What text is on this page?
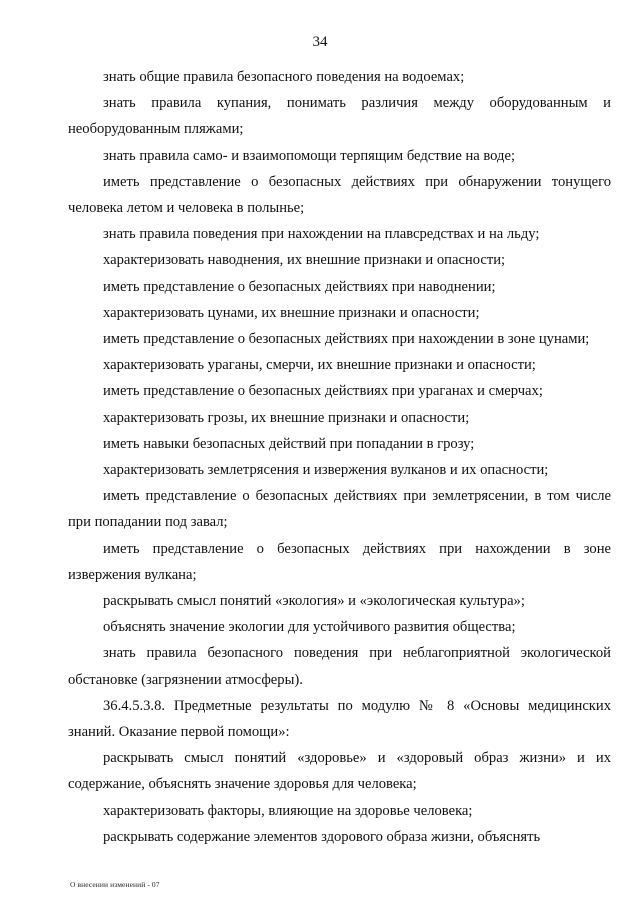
34

знать общие правила безопасного поведения на водоемах;

знать правила купания, понимать различия между оборудованным и необорудованным пляжами;

знать правила само- и взаимопомощи терпящим бедствие на воде;

иметь представление о безопасных действиях при обнаружении тонущего человека летом и человека в полынье;

знать правила поведения при нахождении на плавсредствах и на льду;

характеризовать наводнения, их внешние признаки и опасности;

иметь представление о безопасных действиях при наводнении;

характеризовать цунами, их внешние признаки и опасности;

иметь представление о безопасных действиях при нахождении в зоне цунами;

характеризовать ураганы, смерчи, их внешние признаки и опасности;

иметь представление о безопасных действиях при ураганах и смерчах;

характеризовать грозы, их внешние признаки и опасности;

иметь навыки безопасных действий при попадании в грозу;

характеризовать землетрясения и извержения вулканов и их опасности;

иметь представление о безопасных действиях при землетрясении, в том числе при попадании под завал;

иметь представление о безопасных действиях при нахождении в зоне извержения вулкана;

раскрывать смысл понятий «экология» и «экологическая культура»;

объяснять значение экологии для устойчивого развития общества;

знать правила безопасного поведения при неблагоприятной экологической обстановке (загрязнении атмосферы).

36.4.5.3.8. Предметные результаты по модулю № 8 «Основы медицинских знаний. Оказание первой помощи»:

раскрывать смысл понятий «здоровье» и «здоровый образ жизни» и их содержание, объяснять значение здоровья для человека;

характеризовать факторы, влияющие на здоровье человека;

раскрывать содержание элементов здорового образа жизни, объяснять

О внесении изменений - 07
